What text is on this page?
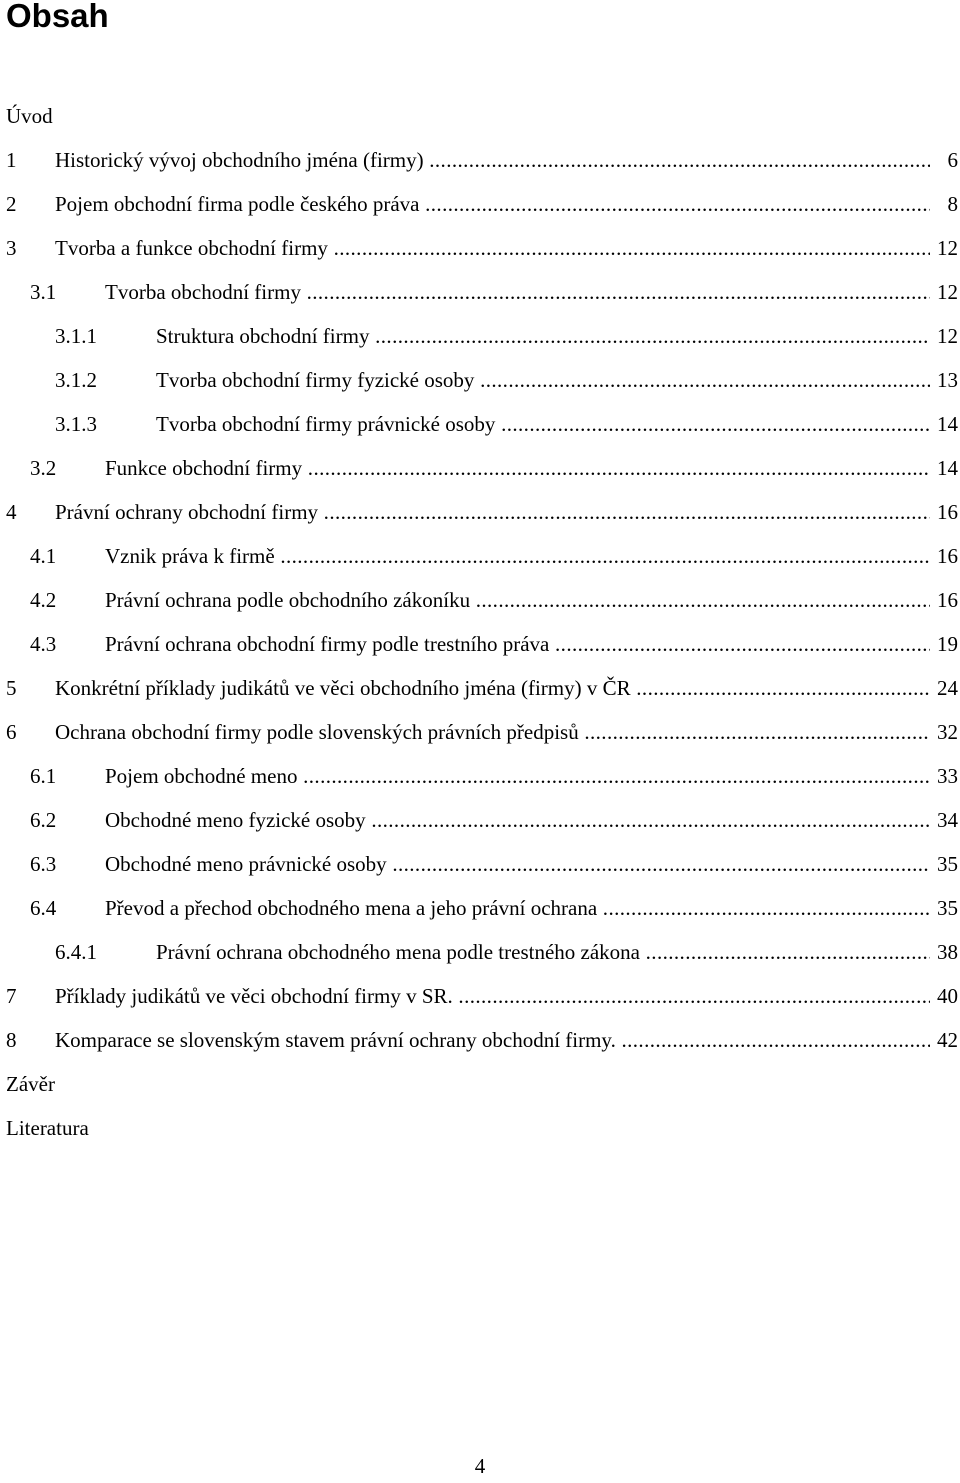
Obsah
Úvod
1 Historický vývoj obchodního jména (firmy) .....	6
2 Pojem obchodní firma podle českého práva .....	8
3 Tvorba a funkce obchodní firmy .....	12
3.1 Tvorba obchodní firmy .....	12
3.1.1	Struktura obchodní firmy .....	12
3.1.2	Tvorba obchodní firmy fyzické osoby .....	13
3.1.3	Tvorba obchodní firmy právnické osoby .....	14
3.2 Funkce obchodní firmy .....	14
4 Právní ochrany obchodní firmy .....	16
4.1 Vznik práva k firmě .....	16
4.2 Právní ochrana podle obchodního zákoníku .....	16
4.3 Právní ochrana obchodní firmy podle trestního práva .....	19
5 Konkrétní příklady judikátů ve věci obchodního jména (firmy) v ČR .....	24
6 Ochrana obchodní firmy podle slovenských právních předpisů .....	32
6.1 Pojem obchodné meno .....	33
6.2 Obchodné meno fyzické osoby .....	34
6.3 Obchodné meno právnické osoby .....	35
6.4 Převod a přechod obchodného mena a jeho právní ochrana .....	35
6.4.1	Právní ochrana obchodného mena podle trestného zákona .....	38
7 Příklady judikátů ve věci obchodní firmy v SR. .....	40
8 Komparace se slovenským stavem právní ochrany obchodní firmy. .....	42
Závěr
Literatura
4
